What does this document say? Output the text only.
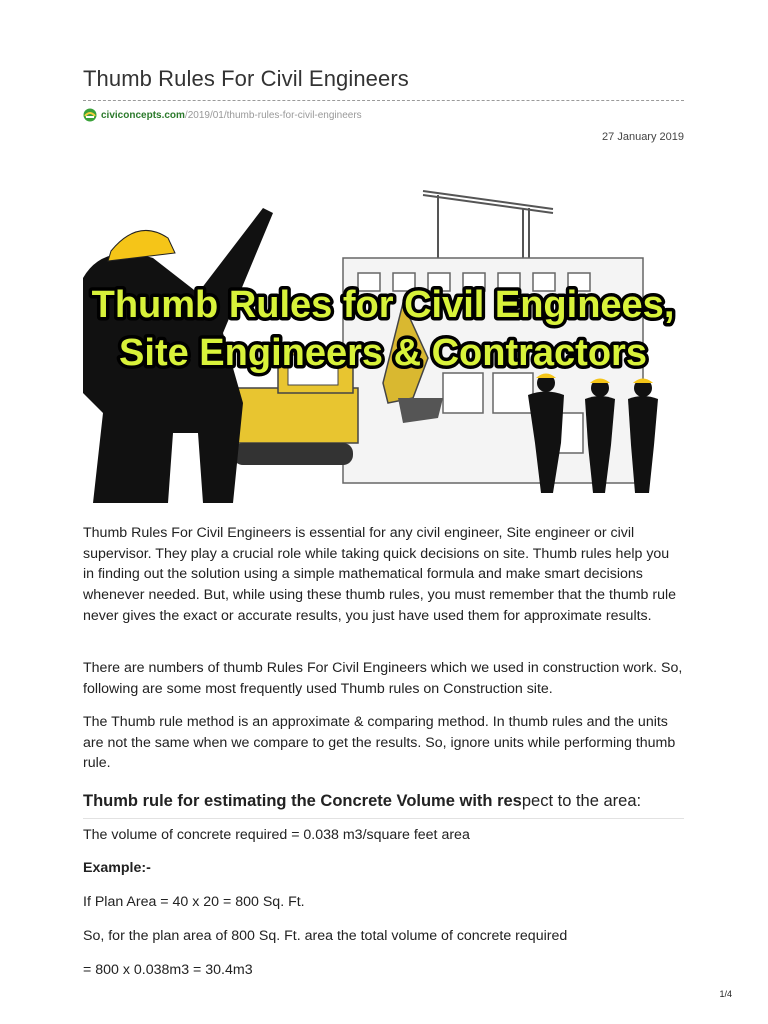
Thumb Rules For Civil Engineers
civiconcepts.com /2019/01/thumb-rules-for-civil-engineers
27 January 2019
Thumb Rules for Civil Enginees,
Site Engineers & Contractors

Thumb Rules For Civil Engineers is essential for any civil engineer, Site engineer or civil supervisor. They play a crucial role while taking quick decisions on site. Thumb rules help you in finding out the solution using a simple mathematical formula and make smart decisions whenever needed. But, while using these thumb rules, you must remember that the thumb rule never gives the exact or accurate results, you just have used them for approximate results.

There are numbers of thumb Rules For Civil Engineers which we used in construction work. So, following are some most frequently used Thumb rules on Construction site.

The Thumb rule method is an approximate & comparing method. In thumb rules and the units are not the same when we compare to get the results. So, ignore units while performing thumb rule.

Thumb rule for estimating the Concrete Volume with respect to the area:

The volume of concrete required = 0.038 m3/square feet area

Example:-

If Plan Area = 40 x 20 = 800 Sq. Ft.

So, for the plan area of 800 Sq. Ft. area the total volume of concrete required

= 800 x 0.038m3 = 30.4m3

1/4
